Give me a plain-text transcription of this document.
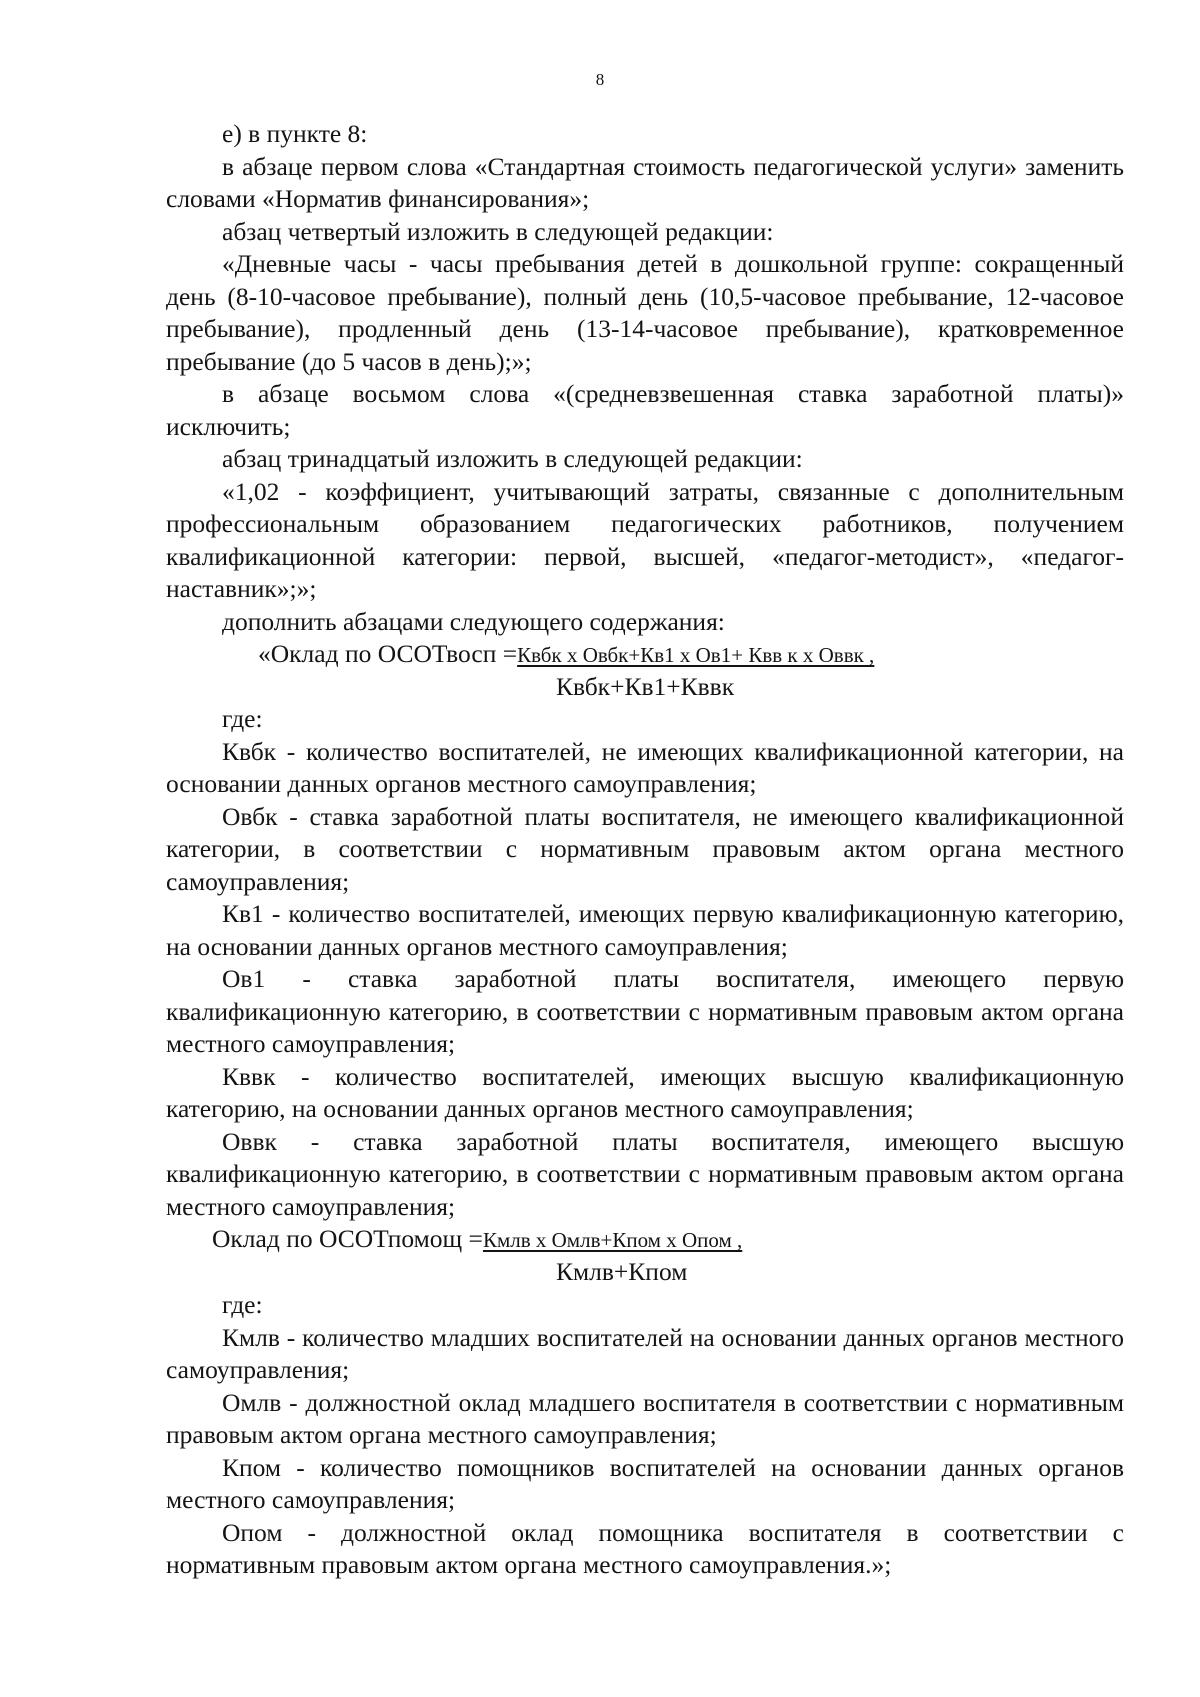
8

е) в пункте 8:

в абзаце первом слова «Стандартная стоимость педагогической услуги» заменить словами «Норматив финансирования»;

абзац четвертый изложить в следующей редакции:

«Дневные часы - часы пребывания детей в дошкольной группе: сокращенный день (8-10-часовое пребывание), полный день (10,5-часовое пребывание, 12-часовое пребывание), продленный день (13-14-часовое пребывание), кратковременное пребывание (до 5 часов в день);»;

в абзаце восьмом слова «(средневзвешенная ставка заработной платы)» исключить;

абзац тринадцатый изложить в следующей редакции:

«1,02 - коэффициент, учитывающий затраты, связанные с дополнительным профессиональным образованием педагогических работников, получением квалификационной категории: первой, высшей, «педагог-методист», «педагог-наставник»;»;

дополнить абзацами следующего содержания:

«Оклад по ОСОТвосп =Квбк х Овбк+Кв1 х Ов1+ Квв к х Оввк ,
Квбк+Кв1+Кввк

где:

Квбк - количество воспитателей, не имеющих квалификационной категории, на основании данных органов местного самоуправления;

Овбк - ставка заработной платы воспитателя, не имеющего квалификационной категории, в соответствии с нормативным правовым актом органа местного самоуправления;

Кв1 - количество воспитателей, имеющих первую квалификационную категорию, на основании данных органов местного самоуправления;

Ов1 - ставка заработной платы воспитателя, имеющего первую квалификационную категорию, в соответствии с нормативным правовым актом органа местного самоуправления;

Кввк - количество воспитателей, имеющих высшую квалификационную категорию, на основании данных органов местного самоуправления;

Оввк - ставка заработной платы воспитателя, имеющего высшую квалификационную категорию, в соответствии с нормативным правовым актом органа местного самоуправления;

Оклад по ОСОТпомощ =Кмлв х Омлв+Кпом х Опом ,
Кмлв+Кпом

где:

Кмлв - количество младших воспитателей на основании данных органов местного самоуправления;

Омлв - должностной оклад младшего воспитателя в соответствии с нормативным правовым актом органа местного самоуправления;

Кпом - количество помощников воспитателей на основании данных органов местного самоуправления;

Опом - должностной оклад помощника воспитателя в соответствии с нормативным правовым актом органа местного самоуправления.»;
